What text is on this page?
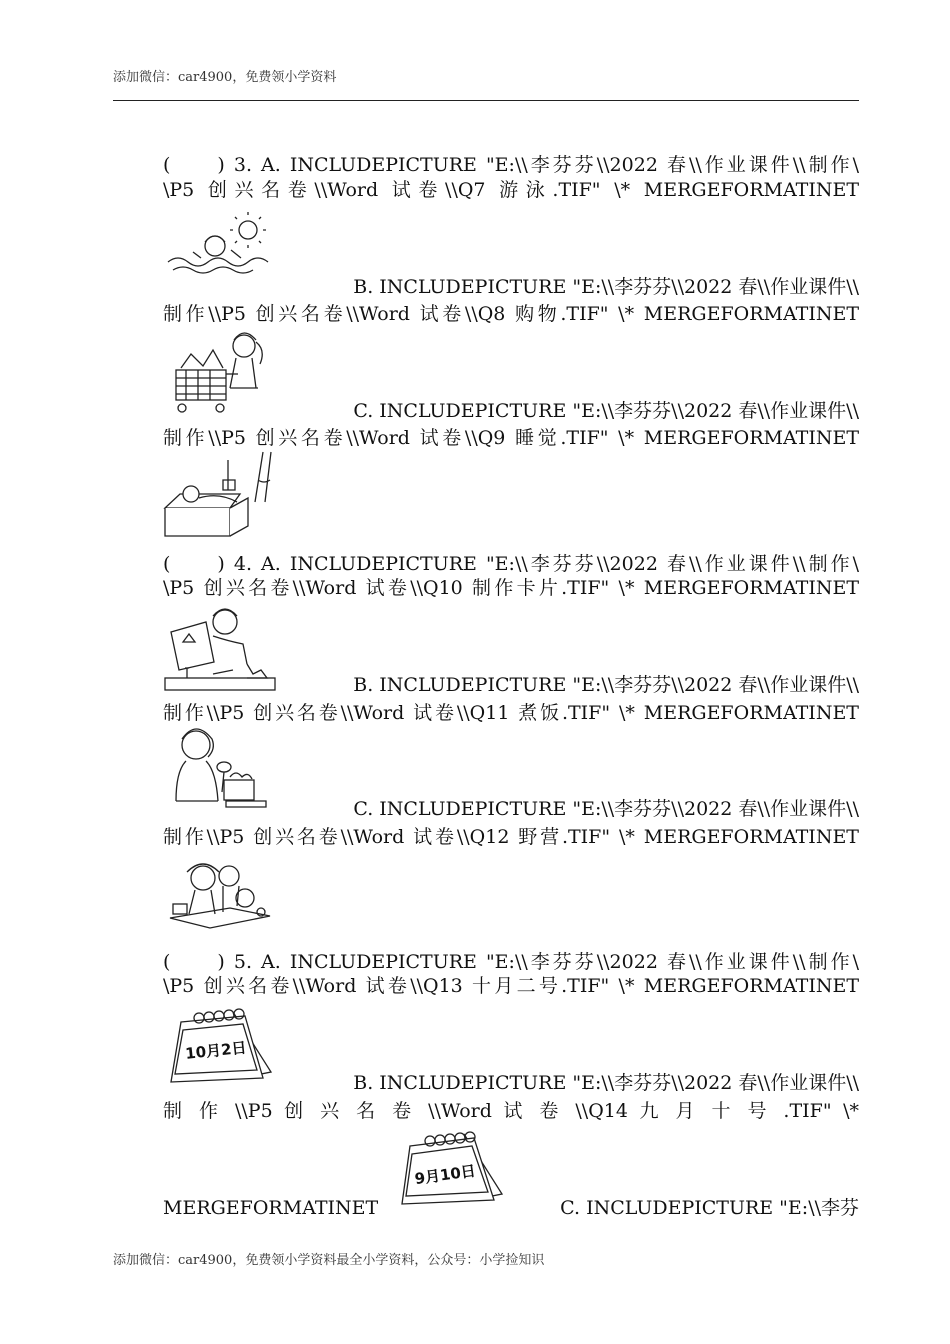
添加微信：car4900，免费领小学资料
(　　) 3. A. INCLUDEPICTURE "E:\\李芬芬\\2022 春\\作业课件\\制作\
\P5 创兴名卷\\Word 试卷\\Q7 游泳.TIF" \* MERGEFORMATINET
B. INCLUDEPICTURE "E:\\李芬芬\\2022 春\\作业课件\\
制作\\P5 创兴名卷\\Word 试卷\\Q8 购物.TIF" \* MERGEFORMATINET
C. INCLUDEPICTURE "E:\\李芬芬\\2022 春\\作业课件\\
制作\\P5 创兴名卷\\Word 试卷\\Q9 睡觉.TIF" \* MERGEFORMATINET
(　　) 4. A. INCLUDEPICTURE "E:\\李芬芬\\2022 春\\作业课件\\制作\
\P5 创兴名卷\\Word 试卷\\Q10 制作卡片.TIF" \* MERGEFORMATINET
B. INCLUDEPICTURE "E:\\李芬芬\\2022 春\\作业课件\\
制作\\P5 创兴名卷\\Word 试卷\\Q11 煮饭.TIF" \* MERGEFORMATINET
C. INCLUDEPICTURE "E:\\李芬芬\\2022 春\\作业课件\\
制作\\P5 创兴名卷\\Word 试卷\\Q12 野营.TIF" \* MERGEFORMATINET
(　　) 5. A. INCLUDEPICTURE "E:\\李芬芬\\2022 春\\作业课件\\制作\
\P5 创兴名卷\\Word 试卷\\Q13 十月二号.TIF" \* MERGEFORMATINET
10月2日
B. INCLUDEPICTURE "E:\\李芬芬\\2022 春\\作业课件\\
制 作 \\P5 创 兴 名 卷 \\Word 试 卷 \\Q14 九 月 十 号 .TIF" \*
9月10日
MERGEFORMATINET	C. INCLUDEPICTURE "E:\\李芬
添加微信：car4900，免费领小学资料最全小学资料，公众号：小学捡知识
